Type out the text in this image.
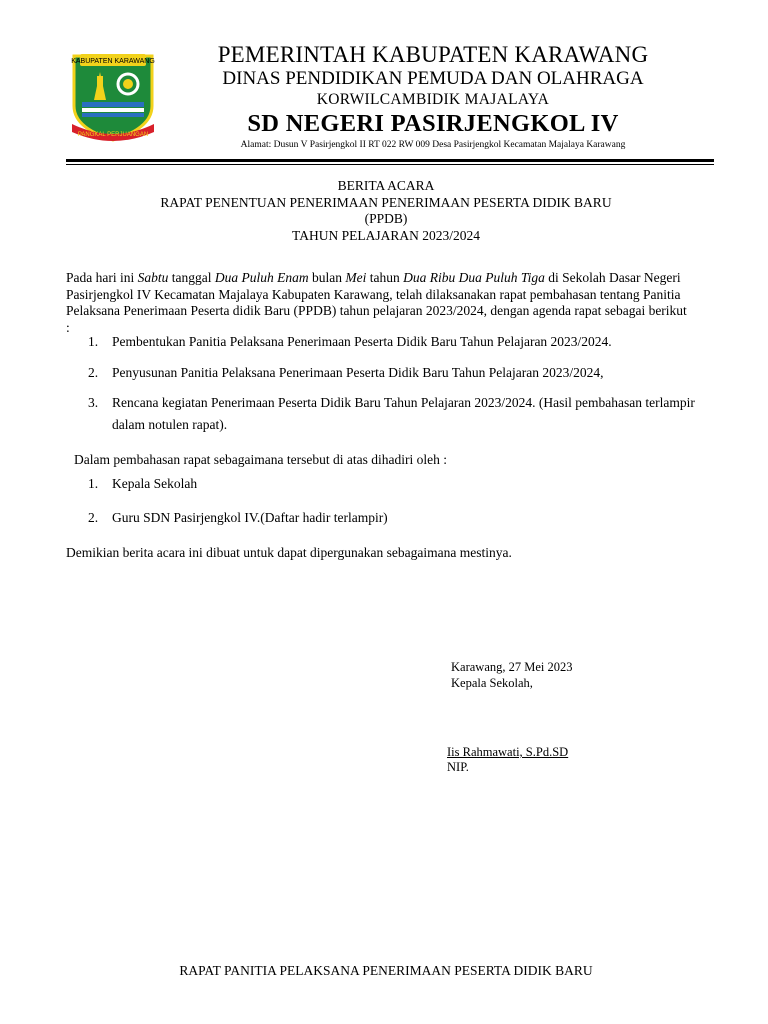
KABUPATEN KARAWANG
PANGKAL PERJUANGAN
PEMERINTAH KABUPATEN KARAWANG
DINAS PENDIDIKAN PEMUDA DAN OLAHRAGA
KORWILCAMBIDIK MAJALAYA
SD NEGERI PASIRJENGKOL IV
Alamat: Dusun V Pasirjengkol II RT 022 RW 009 Desa Pasirjengkol Kecamatan Majalaya Karawang
BERITA ACARA
RAPAT PENENTUAN PENERIMAAN PENERIMAAN PESERTA DIDIK BARU
(PPDB)
TAHUN PELAJARAN 2023/2024
Pada hari ini Sabtu tanggal Dua Puluh Enam bulan Mei tahun Dua Ribu Dua Puluh Tiga di Sekolah Dasar Negeri Pasirjengkol IV Kecamatan Majalaya Kabupaten Karawang, telah dilaksanakan rapat pembahasan tentang Panitia Pelaksana Penerimaan Peserta didik Baru (PPDB) tahun pelajaran 2023/2024, dengan agenda rapat sebagai berikut :
1.	Pembentukan Panitia Pelaksana Penerimaan Peserta Didik Baru Tahun Pelajaran 2023/2024.
2.	Penyusunan Panitia Pelaksana Penerimaan Peserta Didik Baru Tahun Pelajaran 2023/2024,
3.	Rencana kegiatan Penerimaan Peserta Didik Baru Tahun Pelajaran 2023/2024. (Hasil pembahasan terlampir dalam notulen rapat).
Dalam pembahasan rapat sebagaimana tersebut di atas dihadiri oleh :
1.	Kepala Sekolah
2.	Guru SDN Pasirjengkol IV.(Daftar hadir terlampir)
Demikian berita acara ini dibuat untuk dapat dipergunakan sebagaimana mestinya.
Karawang, 27 Mei 2023
Kepala Sekolah,
Iis Rahmawati, S.Pd.SD
NIP.
RAPAT PANITIA PELAKSANA PENERIMAAN PESERTA DIDIK BARU
